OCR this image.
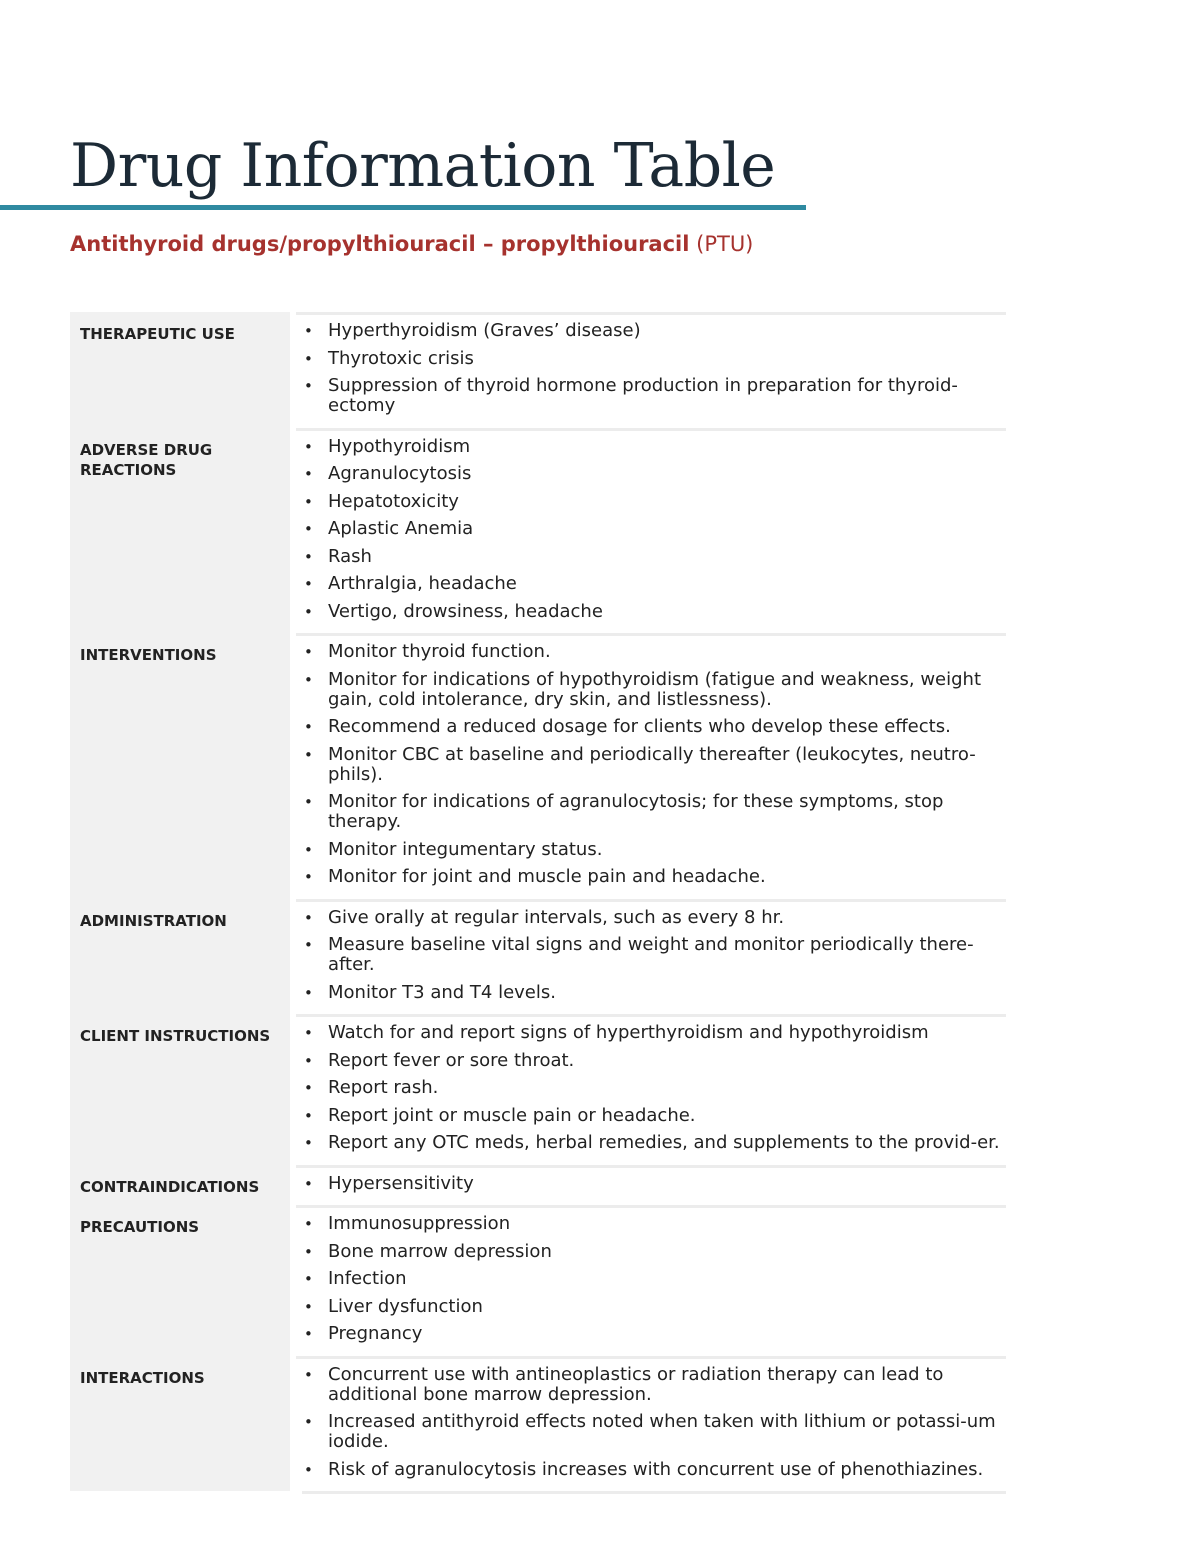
Drug Information Table
Antithyroid drugs/propylthiouracil – propylthiouracil (PTU)
THERAPEUTIC USE	• Hyperthyroidism (Graves’ disease)
• Thyrotoxic crisis
• Suppression of thyroid hormone production in preparation for thyroid-ectomy
ADVERSE DRUG REACTIONS
• Hypothyroidism
• Agranulocytosis
• Hepatotoxicity
• Aplastic Anemia
• Rash
• Arthralgia, headache
• Vertigo, drowsiness, headache
INTERVENTIONS	• Monitor thyroid function.
• Monitor for indications of hypothyroidism (fatigue and weakness, weight gain, cold intolerance, dry skin, and listlessness).
• Recommend a reduced dosage for clients who develop these effects.
• Monitor CBC at baseline and periodically thereafter (leukocytes, neutro-phils).
• Monitor for indications of agranulocytosis; for these symptoms, stop therapy.
• Monitor integumentary status.
• Monitor for joint and muscle pain and headache.
ADMINISTRATION	• Give orally at regular intervals, such as every 8 hr.
• Measure baseline vital signs and weight and monitor periodically there-after.
• Monitor T3 and T4 levels.
CLIENT INSTRUCTIONS	• Watch for and report signs of hyperthyroidism and hypothyroidism
• Report fever or sore throat.
• Report rash.
• Report joint or muscle pain or headache.
• Report any OTC meds, herbal remedies, and supplements to the provid-er.
CONTRAINDICATIONS	• Hypersensitivity
PRECAUTIONS	• Immunosuppression
• Bone marrow depression
• Infection
• Liver dysfunction
• Pregnancy
INTERACTIONS	• Concurrent use with antineoplastics or radiation therapy can lead to additional bone marrow depression.
• Increased antithyroid effects noted when taken with lithium or potassi-um iodide.
• Risk of agranulocytosis increases with concurrent use of phenothiazines.
